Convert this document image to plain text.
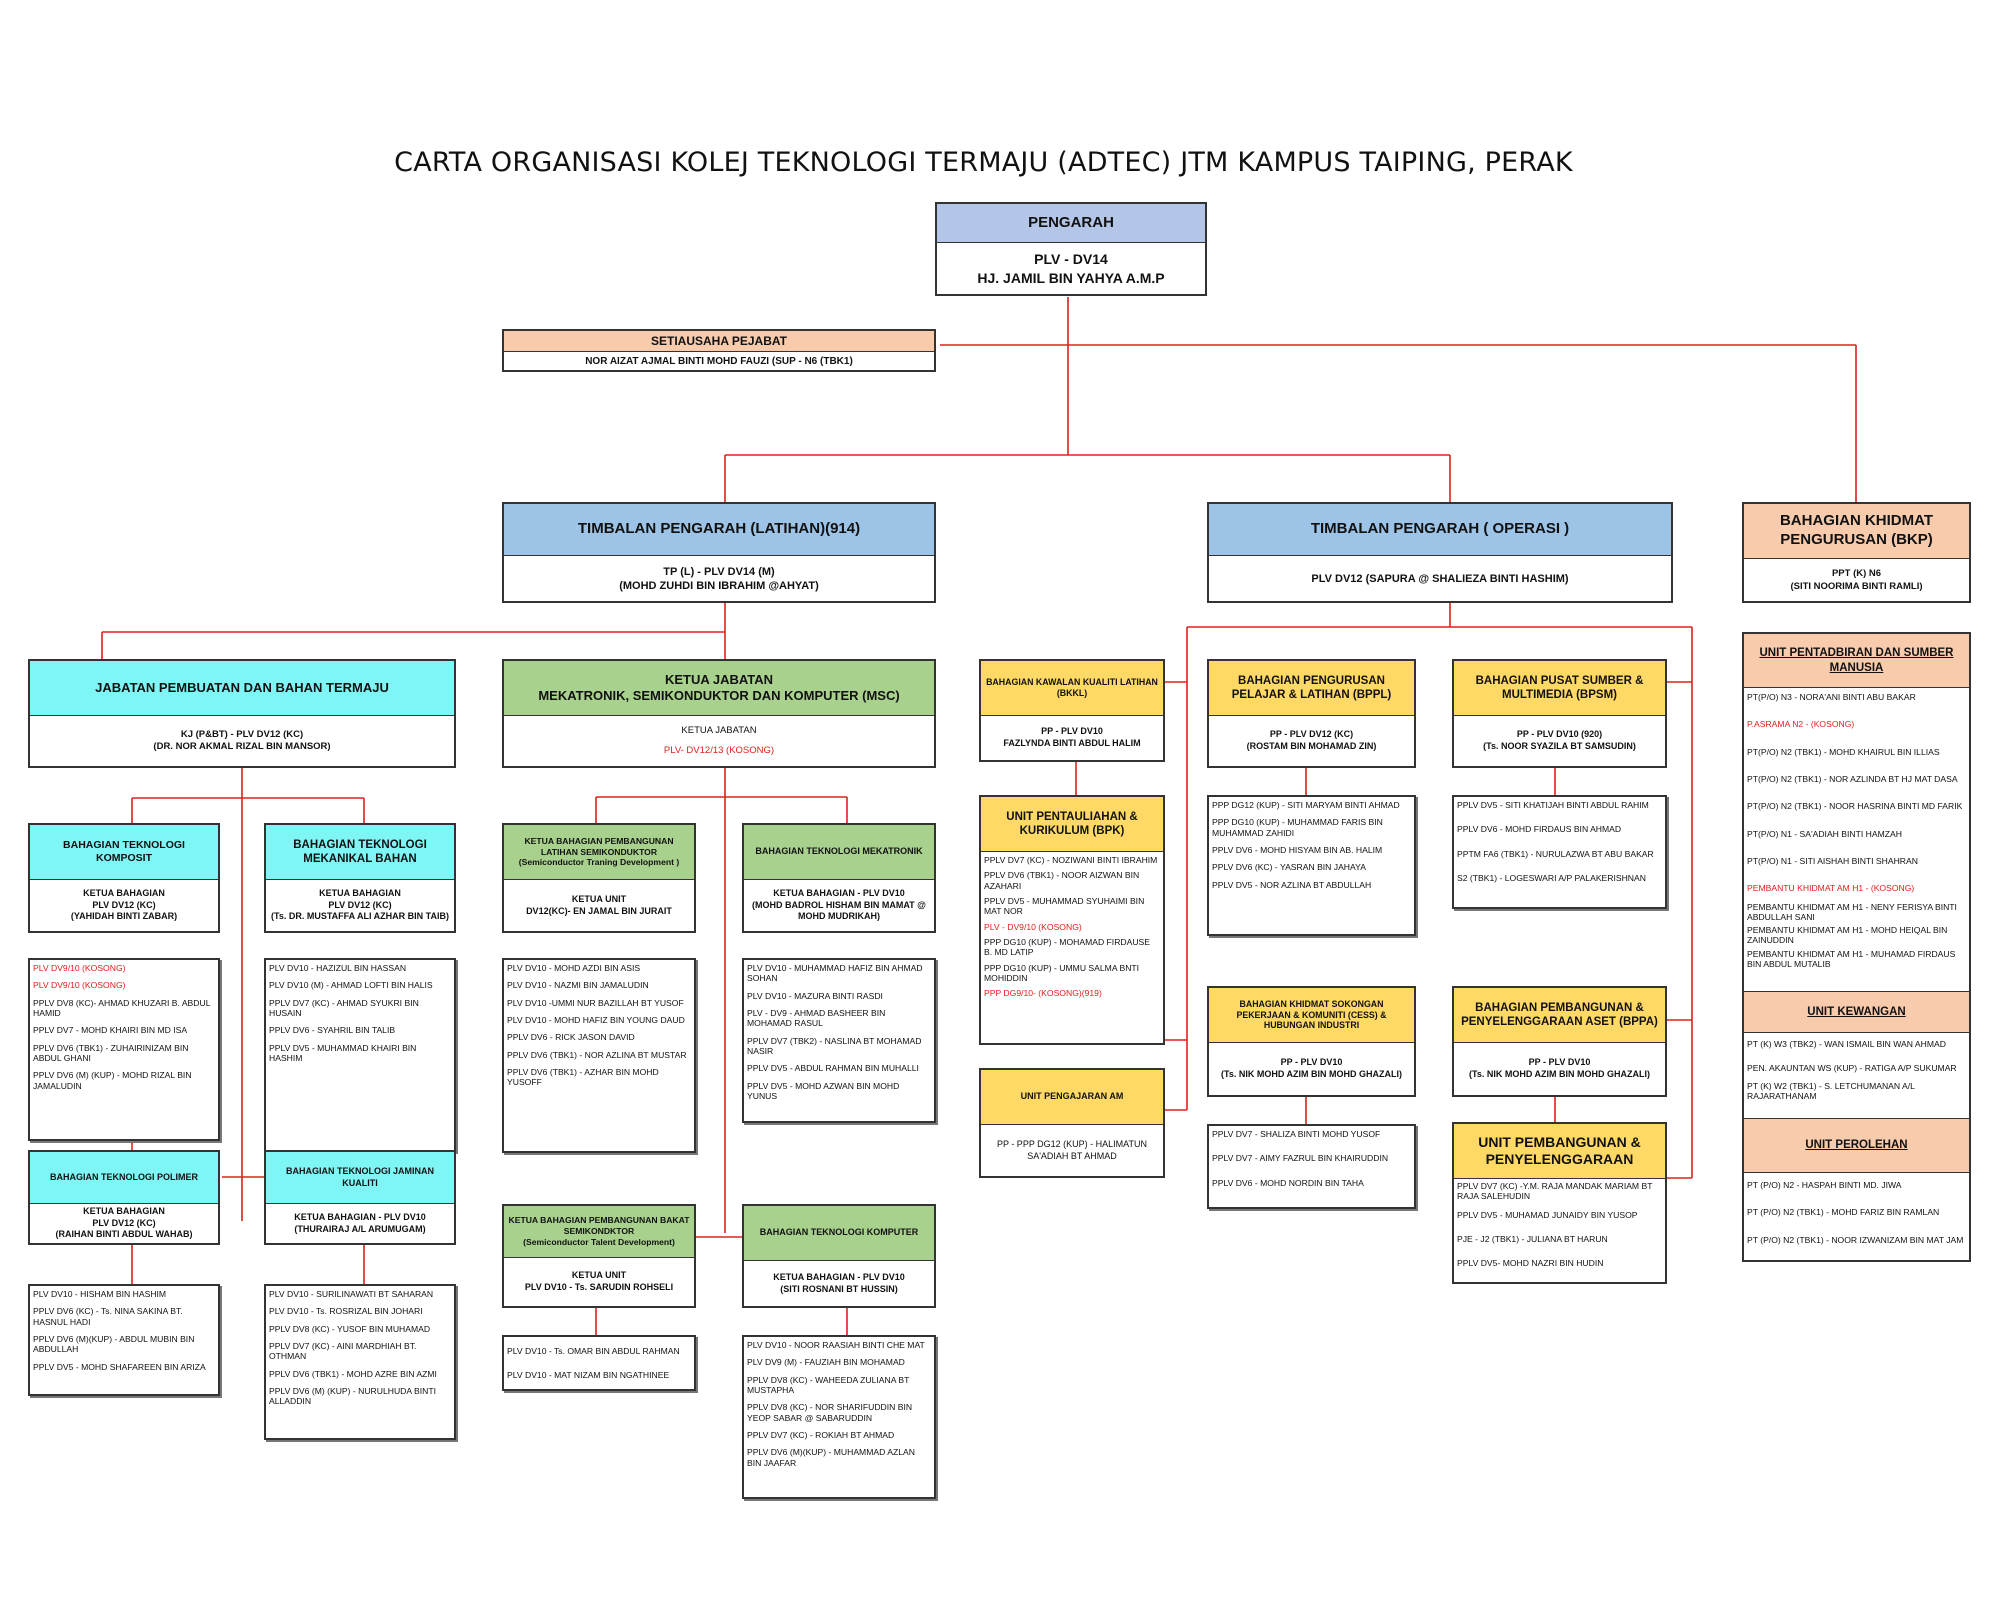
CARTA ORGANISASI KOLEJ TEKNOLOGI TERMAJU (ADTEC) JTM KAMPUS TAIPING, PERAK
PENGARAH
PLV - DV14
HJ. JAMIL BIN YAHYA A.M.P
SETIAUSAHA PEJABAT
NOR AIZAT AJMAL BINTI MOHD FAUZI (SUP - N6 (TBK1)
TIMBALAN PENGARAH (LATIHAN)(914)
TP (L) - PLV DV14 (M)
(MOHD ZUHDI BIN IBRAHIM @AHYAT)
TIMBALAN PENGARAH ( OPERASI )
PLV DV12 (SAPURA @ SHALIEZA BINTI HASHIM)
BAHAGIAN KHIDMAT PENGURUSAN (BKP)
PPT (K) N6
(SITI NOORIMA BINTI RAMLI)
JABATAN PEMBUATAN DAN BAHAN TERMAJU
KJ (P&BT) - PLV DV12 (KC)
(DR. NOR AKMAL RIZAL BIN MANSOR)
KETUA JABATAN
MEKATRONIK, SEMIKONDUKTOR DAN KOMPUTER (MSC)
KETUA JABATAN
PLV- DV12/13 (KOSONG)
BAHAGIAN TEKNOLOGI KOMPOSIT
KETUA BAHAGIAN
PLV DV12 (KC)
(YAHIDAH BINTI ZABAR)
PLV DV9/10 (KOSONG)
PLV DV9/10 (KOSONG)
PPLV DV8 (KC)- AHMAD KHUZARI B. ABDUL HAMID
PPLV DV7 - MOHD KHAIRI BIN MD ISA
PPLV DV6 (TBK1) - ZUHAIRINIZAM BIN ABDUL GHANI
PPLV DV6 (M) (KUP) - MOHD RIZAL BIN JAMALUDIN
BAHAGIAN TEKNOLOGI MEKANIKAL BAHAN
KETUA BAHAGIAN
PLV DV12 (KC)
(Ts. DR. MUSTAFFA ALI AZHAR BIN TAIB)
PLV DV10 - HAZIZUL BIN HASSAN
PLV DV10 (M) - AHMAD LOFTI BIN HALIS
PPLV DV7 (KC) - AHMAD SYUKRI BIN HUSAIN
PPLV DV6 - SYAHRIL BIN TALIB
PPLV DV5 - MUHAMMAD KHAIRI BIN HASHIM
BAHAGIAN TEKNOLOGI POLIMER
KETUA BAHAGIAN
PLV DV12 (KC)
(RAIHAN BINTI ABDUL WAHAB)
PLV DV10 - HISHAM BIN HASHIM
PPLV DV6 (KC) - Ts. NINA SAKINA BT. HASNUL HADI
PPLV DV6 (M)(KUP) - ABDUL MUBIN BIN ABDULLAH
PPLV DV5 - MOHD SHAFAREEN BIN ARIZA
BAHAGIAN TEKNOLOGI JAMINAN KUALITI
KETUA BAHAGIAN - PLV DV10
(THURAIRAJ A/L ARUMUGAM)
PLV DV10 - SURILINAWATI BT SAHARAN
PLV DV10 - Ts. ROSRIZAL BIN JOHARI
PPLV DV8 (KC) - YUSOF BIN MUHAMAD
PPLV DV7 (KC) - AINI MARDHIAH BT. OTHMAN
PPLV DV6 (TBK1) - MOHD AZRE BIN AZMI
PPLV DV6 (M) (KUP) - NURULHUDA BINTI ALLADDIN
KETUA BAHAGIAN PEMBANGUNAN LATIHAN SEMIKONDUKTOR
(Semiconductor Traning Development )
KETUA UNIT
DV12(KC)- EN JAMAL BIN JURAIT
PLV DV10 - MOHD AZDI BIN ASIS
PLV DV10 - NAZMI BIN JAMALUDIN
PLV DV10 -UMMI NUR BAZILLAH BT YUSOF
PLV DV10 - MOHD HAFIZ BIN YOUNG DAUD
PPLV DV6 - RICK JASON DAVID
PPLV DV6 (TBK1) - NOR AZLINA BT MUSTAR
PPLV DV6 (TBK1) - AZHAR BIN MOHD YUSOFF
BAHAGIAN TEKNOLOGI MEKATRONIK
KETUA BAHAGIAN - PLV DV10
(MOHD BADROL HISHAM BIN MAMAT @ MOHD MUDRIKAH)
PLV DV10 - MUHAMMAD HAFIZ BIN AHMAD SOHAN
PLV DV10 - MAZURA BINTI RASDI
PLV - DV9 - AHMAD BASHEER BIN MOHAMAD RASUL
PPLV DV7 (TBK2) - NASLINA BT MOHAMAD NASIR
PPLV DV5 - ABDUL RAHMAN BIN MUHALLI
PPLV DV5 - MOHD AZWAN BIN MOHD YUNUS
KETUA BAHAGIAN PEMBANGUNAN BAKAT SEMIKONDKTOR
(Semiconductor Talent Development)
KETUA UNIT
PLV DV10 - Ts. SARUDIN ROHSELI
PLV DV10 - Ts. OMAR BIN ABDUL RAHMAN
PLV DV10 - MAT NIZAM BIN NGATHINEE
BAHAGIAN TEKNOLOGI KOMPUTER
KETUA BAHAGIAN - PLV DV10
(SITI ROSNANI BT HUSSIN)
PLV DV10 - NOOR RAASIAH BINTI CHE MAT
PLV DV9 (M) - FAUZIAH BIN MOHAMAD
PPLV DV8 (KC) - WAHEEDA ZULIANA BT MUSTAPHA
PPLV DV8 (KC) - NOR SHARIFUDDIN BIN YEOP SABAR @ SABARUDDIN
PPLV DV7 (KC) - ROKIAH BT AHMAD
PPLV DV6 (M)(KUP) - MUHAMMAD AZLAN BIN JAAFAR
BAHAGIAN KAWALAN KUALITI LATIHAN (BKKL)
PP - PLV DV10
FAZLYNDA BINTI ABDUL HALIM
UNIT PENTAULIAHAN & KURIKULUM (BPK)
PPLV DV7 (KC) - NOZIWANI BINTI IBRAHIM
PPLV DV6 (TBK1) - NOOR AIZWAN BIN AZAHARI
PPLV DV5 - MUHAMMAD SYUHAIMI BIN MAT NOR
PLV - DV9/10 (KOSONG)
PPP DG10 (KUP) - MOHAMAD FIRDAUSE B. MD LATIP
PPP DG10 (KUP) - UMMU SALMA BNTI MOHIDDIN
PPP DG9/10- (KOSONG)(919)
UNIT PENGAJARAN AM
PP - PPP DG12 (KUP) - HALIMATUN SA'ADIAH BT AHMAD
BAHAGIAN PENGURUSAN PELAJAR & LATIHAN (BPPL)
PP - PLV DV12 (KC)
(ROSTAM BIN MOHAMAD ZIN)
PPP DG12 (KUP) - SITI MARYAM BINTI AHMAD
PPP DG10 (KUP) - MUHAMMAD FARIS BIN MUHAMMAD ZAHIDI
PPLV DV6 - MOHD HISYAM BIN AB. HALIM
PPLV DV6 (KC) - YASRAN BIN JAHAYA
PPLV DV5 - NOR AZLINA BT ABDULLAH
BAHAGIAN PUSAT SUMBER & MULTIMEDIA (BPSM)
PP - PLV DV10 (920)
(Ts. NOOR SYAZILA BT SAMSUDIN)
PPLV DV5 - SITI KHATIJAH BINTI ABDUL RAHIM
PPLV DV6 - MOHD FIRDAUS BIN AHMAD
PPTM FA6 (TBK1) - NURULAZWA BT ABU BAKAR
S2 (TBK1) - LOGESWARI A/P PALAKERISHNAN
BAHAGIAN KHIDMAT SOKONGAN PEKERJAAN & KOMUNITI (CESS) & HUBUNGAN INDUSTRI
PP - PLV DV10
(Ts. NIK MOHD AZIM BIN MOHD GHAZALI)
PPLV DV7 - SHALIZA BINTI MOHD YUSOF
PPLV DV7 - AIMY FAZRUL BIN KHAIRUDDIN
PPLV DV6 - MOHD NORDIN BIN TAHA
BAHAGIAN PEMBANGUNAN & PENYELENGGARAAN ASET (BPPA)
PP - PLV DV10
(Ts. NIK MOHD AZIM BIN MOHD GHAZALI)
UNIT PEMBANGUNAN & PENYELENGGARAAN
PPLV DV7 (KC) -Y.M. RAJA MANDAK MARIAM BT RAJA SALEHUDIN
PPLV DV5 - MUHAMAD JUNAIDY BIN YUSOP
PJE - J2 (TBK1) - JULIANA BT HARUN
PPLV DV5- MOHD NAZRI BIN HUDIN
UNIT PENTADBIRAN DAN SUMBER MANUSIA
PT(P/O) N3 - NORA'ANI BINTI ABU BAKAR
P.ASRAMA N2 - (KOSONG)
PT(P/O) N2 (TBK1) - MOHD KHAIRUL BIN ILLIAS
PT(P/O) N2 (TBK1) - NOR AZLINDA BT HJ MAT DASA
PT(P/O) N2 (TBK1) - NOOR HASRINA BINTI MD FARIK
PT(P/O) N1 - SA'ADIAH BINTI HAMZAH
PT(P/O) N1 - SITI AISHAH BINTI SHAHRAN
PEMBANTU KHIDMAT AM H1 - (KOSONG)
PEMBANTU KHIDMAT AM H1 - NENY FERISYA BINTI ABDULLAH SANI
PEMBANTU KHIDMAT AM H1 - MOHD HEIQAL BIN ZAINUDDIN
PEMBANTU KHIDMAT AM H1 - MUHAMAD FIRDAUS BIN ABDUL MUTALIB
UNIT KEWANGAN
PT (K) W3 (TBK2) - WAN ISMAIL BIN WAN AHMAD
PEN. AKAUNTAN WS (KUP) - RATIGA A/P SUKUMAR
PT (K) W2 (TBK1) - S. LETCHUMANAN A/L RAJARATHANAM
UNIT PEROLEHAN
PT (P/O) N2 - HASPAH BINTI MD. JIWA
PT (P/O) N2 (TBK1) - MOHD FARIZ BIN RAMLAN
PT (P/O) N2 (TBK1) - NOOR IZWANIZAM BIN MAT JAM
